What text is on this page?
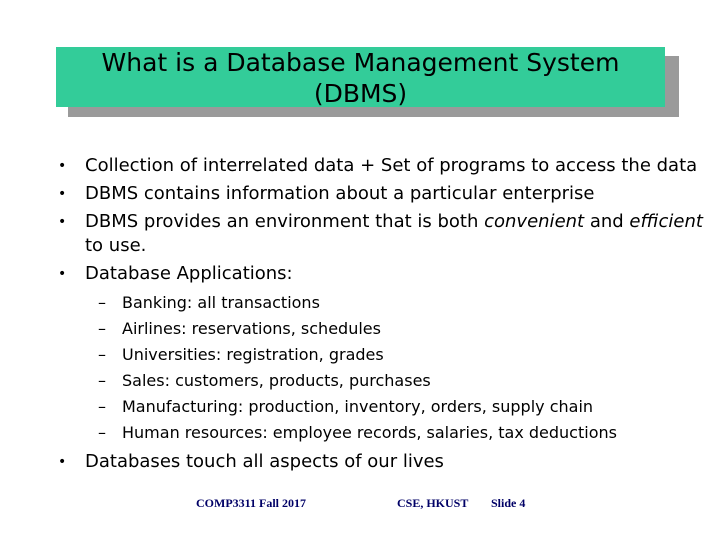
What is a Database Management System
(DBMS)
• Collection of interrelated data + Set of programs to access the data
• DBMS contains information about a particular enterprise
• DBMS provides an environment that is both convenient and efficient
to use.
• Database Applications:
– Banking: all transactions
– Airlines: reservations, schedules
– Universities: registration, grades
– Sales: customers, products, purchases
– Manufacturing: production, inventory, orders, supply chain
– Human resources: employee records, salaries, tax deductions
• Databases touch all aspects of our lives
COMP3311 Fall 2017	CSE, HKUST Slide 4
